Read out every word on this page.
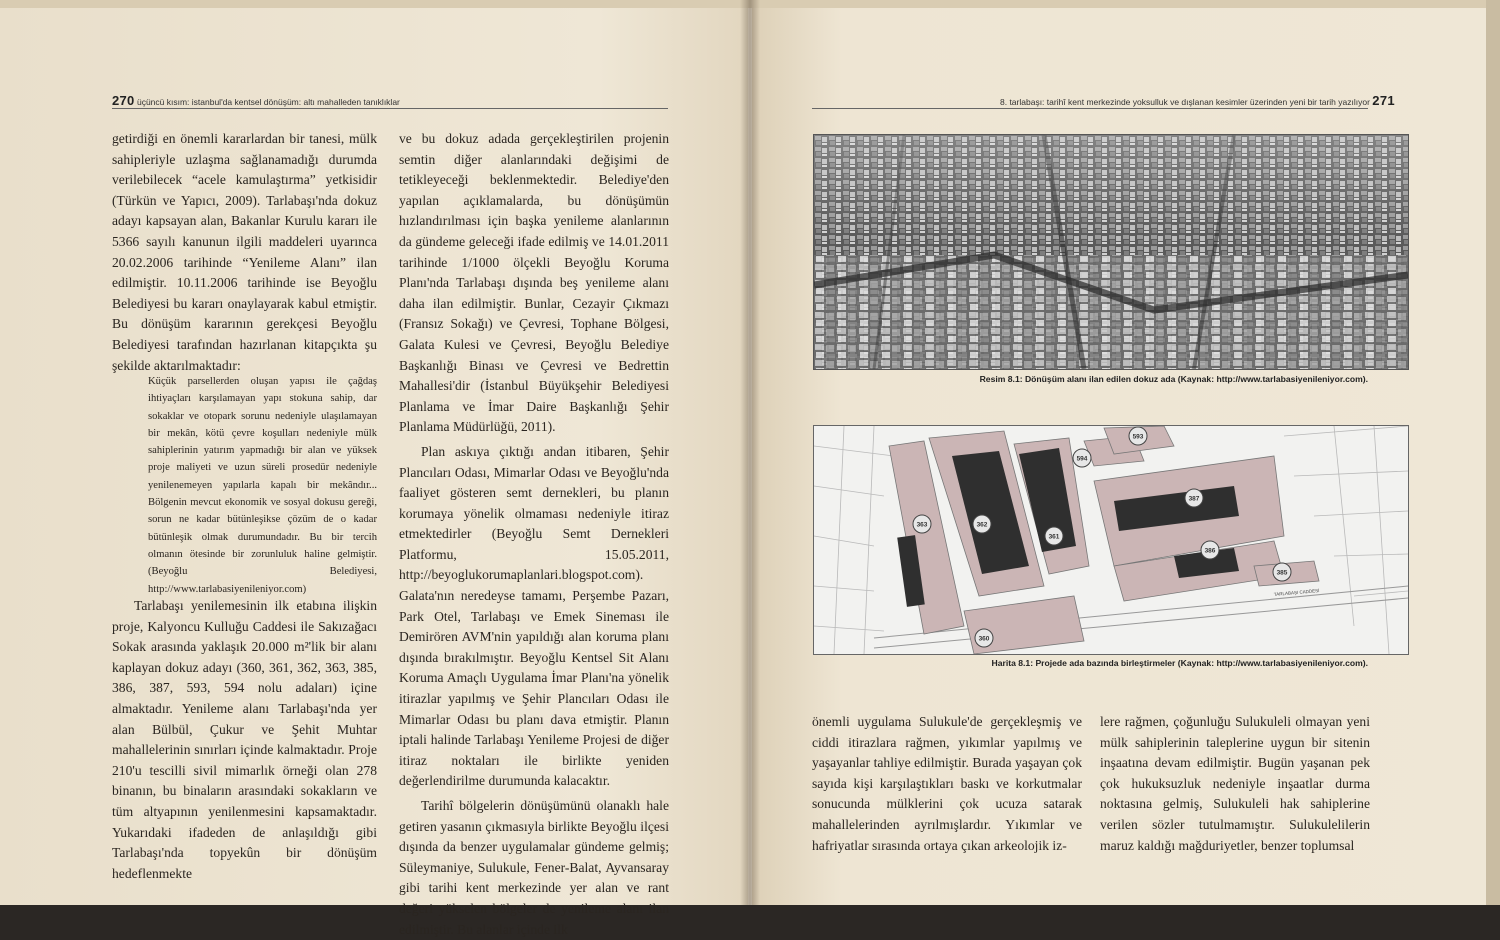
270 üçüncü kısım: istanbul'da kentsel dönüşüm: altı mahalleden tanıklıklar

getirdiği en önemli kararlardan bir tanesi, mülk sahipleriyle uzlaşma sağlanamadığı durumda verilebilecek “acele kamulaştırma” yetkisidir (Türkün ve Yapıcı, 2009). Tarlabaşı'nda dokuz adayı kapsayan alan, Bakanlar Kurulu kararı ile 5366 sayılı kanunun ilgili maddeleri uyarınca 20.02.2006 tarihinde “Yenileme Alanı” ilan edilmiştir. 10.11.2006 tarihinde ise Beyoğlu Belediyesi bu kararı onaylayarak kabul etmiştir. Bu dönüşüm kararının gerekçesi Beyoğlu Belediyesi tarafından hazırlanan kitapçıkta şu şekilde aktarılmaktadır:

Küçük parsellerden oluşan yapısı ile çağdaş ihtiyaçları karşılamayan yapı stokuna sahip, dar sokaklar ve otopark sorunu nedeniyle ulaşılamayan bir mekân, kötü çevre koşulları nedeniyle mülk sahiplerinin yatırım yapmadığı bir alan ve yüksek proje maliyeti ve uzun süreli prosedür nedeniyle yenilenemeyen yapılarla kapalı bir mekândır... Bölgenin mevcut ekonomik ve sosyal dokusu gereği, sorun ne kadar bütünleşikse çözüm de o kadar bütünleşik olmak durumundadır. Bu bir tercih olmanın ötesinde bir zorunluluk haline gelmiştir. (Beyoğlu Belediyesi, http://www.tarlabasiyenileniyor.com)

Tarlabaşı yenilemesinin ilk etabına ilişkin proje, Kalyoncu Kulluğu Caddesi ile Sakızağacı Sokak arasında yaklaşık 20.000 m²'lik bir alanı kaplayan dokuz adayı (360, 361, 362, 363, 385, 386, 387, 593, 594 nolu adaları) içine almaktadır. Yenileme alanı Tarlabaşı'nda yer alan Bülbül, Çukur ve Şehit Muhtar mahallelerinin sınırları içinde kalmaktadır. Proje 210'u tescilli sivil mimarlık örneği olan 278 binanın, bu binaların arasındaki sokakların ve tüm altyapının yenilenmesini kapsamaktadır. Yukarıdaki ifadeden de anlaşıldığı gibi Tarlabaşı'nda topyekûn bir dönüşüm hedeflenmekte

ve bu dokuz adada gerçekleştirilen projenin semtin diğer alanlarındaki değişimi de tetikleyeceği beklenmektedir. Belediye'den yapılan açıklamalarda, bu dönüşümün hızlandırılması için başka yenileme alanlarının da gündeme geleceği ifade edilmiş ve 14.01.2011 tarihinde 1/1000 ölçekli Beyoğlu Koruma Planı'nda Tarlabaşı dışında beş yenileme alanı daha ilan edilmiştir. Bunlar, Cezayir Çıkmazı (Fransız Sokağı) ve Çevresi, Tophane Bölgesi, Galata Kulesi ve Çevresi, Beyoğlu Belediye Başkanlığı Binası ve Çevresi ve Bedrettin Mahallesi'dir (İstanbul Büyükşehir Belediyesi Planlama ve İmar Daire Başkanlığı Şehir Planlama Müdürlüğü, 2011).

Plan askıya çıktığı andan itibaren, Şehir Plancıları Odası, Mimarlar Odası ve Beyoğlu'nda faaliyet gösteren semt dernekleri, bu planın korumaya yönelik olmaması nedeniyle itiraz etmektedirler (Beyoğlu Semt Dernekleri Platformu, 15.05.2011, http://beyoglukorumaplanlari.blogspot.com). Galata'nın neredeyse tamamı, Perşembe Pazarı, Park Otel, Tarlabaşı ve Emek Sineması ile Demirören AVM'nin yapıldığı alan koruma planı dışında bırakılmıştır. Beyoğlu Kentsel Sit Alanı Koruma Amaçlı Uygulama İmar Planı'na yönelik itirazlar yapılmış ve Şehir Plancıları Odası ile Mimarlar Odası bu planı dava etmiştir. Planın iptali halinde Tarlabaşı Yenileme Projesi de diğer itiraz noktaları ile birlikte yeniden değerlendirilme durumunda kalacaktır.

Tarihî bölgelerin dönüşümünü olanaklı hale getiren yasanın çıkmasıyla birlikte Beyoğlu ilçesi dışında da benzer uygulamalar gündeme gelmiş; Süleymaniye, Sulukule, Fener-Balat, Ayvansaray gibi tarihi kent merkezinde yer alan ve rant değeri yükselen bölgeler de yenileme alanı ilan edilmiştir. Bu alanlar içinde ilk

8. tarlabaşı: tarihî kent merkezinde yoksulluk ve dışlanan kesimler üzerinden yeni bir tarih yazılıyor 271
Resim 8.1: Dönüşüm alanı ilan edilen dokuz ada (Kaynak: http://www.tarlabasiyenileniyor.com).
593
594
387
363	362
361
386
385
360
TARLABAŞI CADDESİ
Harita 8.1: Projede ada bazında birleştirmeler (Kaynak: http://www.tarlabasiyenileniyor.com).

önemli uygulama Sulukule'de gerçekleşmiş ve ciddi itirazlara rağmen, yıkımlar yapılmış ve yaşayanlar tahliye edilmiştir. Burada yaşayan çok sayıda kişi karşılaştıkları baskı ve korkutmalar sonucunda mülklerini çok ucuza satarak mahallelerinden ayrılmışlardır. Yıkımlar ve hafriyatlar sırasında ortaya çıkan arkeolojik iz-

lere rağmen, çoğunluğu Sulukuleli olmayan yeni mülk sahiplerinin taleplerine uygun bir sitenin inşaatına devam edilmiştir. Bugün yaşanan pek çok hukuksuzluk nedeniyle inşaatlar durma noktasına gelmiş, Sulukuleli hak sahiplerine verilen sözler tutulmamıştır. Sulukulelilerin maruz kaldığı mağduriyetler, benzer toplumsal
